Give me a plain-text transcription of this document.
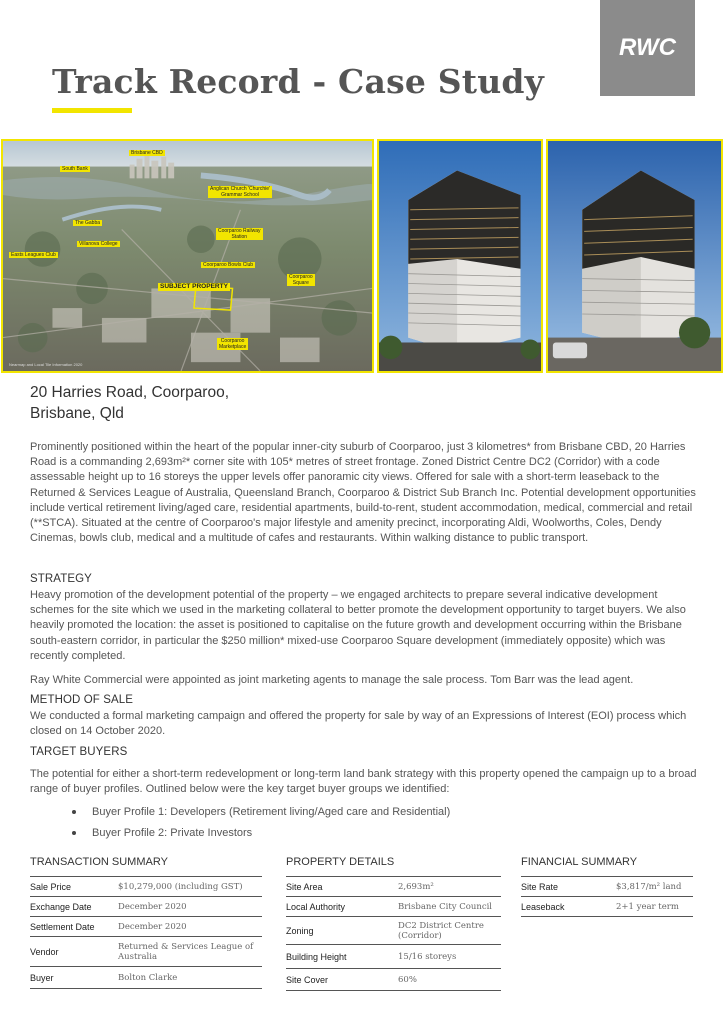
Track Record - Case Study
RWC
Brisbane CBD
South Bank
Anglican Church 'Churchie'
Grammar School
The Gabba
Coorparoo Railway
Station
Villanova College
Easts Leagues Club
Coorparoo Bowls Club
Coorparoo
Square
SUBJECT PROPERTY
Coorparoo
Marketplace
Nearmap and Local Tile Information 2020
20 Harries Road, Coorparoo,
Brisbane, Qld
Prominently positioned within the heart of the popular inner-city suburb of Coorparoo, just 3 kilometres* from Brisbane CBD, 20 Harries Road is a commanding 2,693m²* corner site with 105* metres of street frontage. Zoned District Centre DC2 (Corridor) with a code assessable height up to 16 storeys the upper levels offer panoramic city views. Offered for sale with a short-term leaseback to the Returned & Services League of Australia, Queensland Branch, Coorparoo & District Sub Branch Inc. Potential development opportunities include vertical retirement living/aged care, residential apartments, build-to-rent, student accommodation, medical, commercial and retail (**STCA). Situated at the centre of Coorparoo's major lifestyle and amenity precinct, incorporating Aldi, Woolworths, Coles, Dendy Cinemas, bowls club, medical and a multitude of cafes and restaurants. Within walking distance to public transport.
STRATEGY
Heavy promotion of the development potential of the property – we engaged architects to prepare several indicative development schemes for the site which we used in the marketing collateral to better promote the development opportunity to target buyers. We also heavily promoted the location: the asset is positioned to capitalise on the future growth and development occurring within the Brisbane south-eastern corridor, in particular the $250 million* mixed-use Coorparoo Square development (immediately opposite) which was recently completed.
Ray White Commercial were appointed as joint marketing agents to manage the sale process. Tom Barr was the lead agent.
METHOD OF SALE
We conducted a formal marketing campaign and offered the property for sale by way of an Expressions of Interest (EOI) process which closed on 14 October 2020.
TARGET BUYERS
The potential for either a short-term redevelopment or long-term land bank strategy with this property opened the campaign up to a broad range of buyer profiles. Outlined below were the key target buyer groups we identified:
Buyer Profile 1: Developers (Retirement living/Aged care and Residential)
Buyer Profile 2: Private Investors
TRANSACTION SUMMARY
Sale Price	$10,279,000 (including GST)
Exchange Date	December 2020
Settlement Date	December 2020
Vendor	Returned & Services League of Australia
Buyer	Bolton Clarke
PROPERTY DETAILS
Site Area	2,693m²
Local Authority	Brisbane City Council
Zoning	DC2 District Centre (Corridor)
Building Height	15/16 storeys
Site Cover	60%
FINANCIAL SUMMARY
Site Rate	$3,817/m² land
Leaseback	2+1 year term
